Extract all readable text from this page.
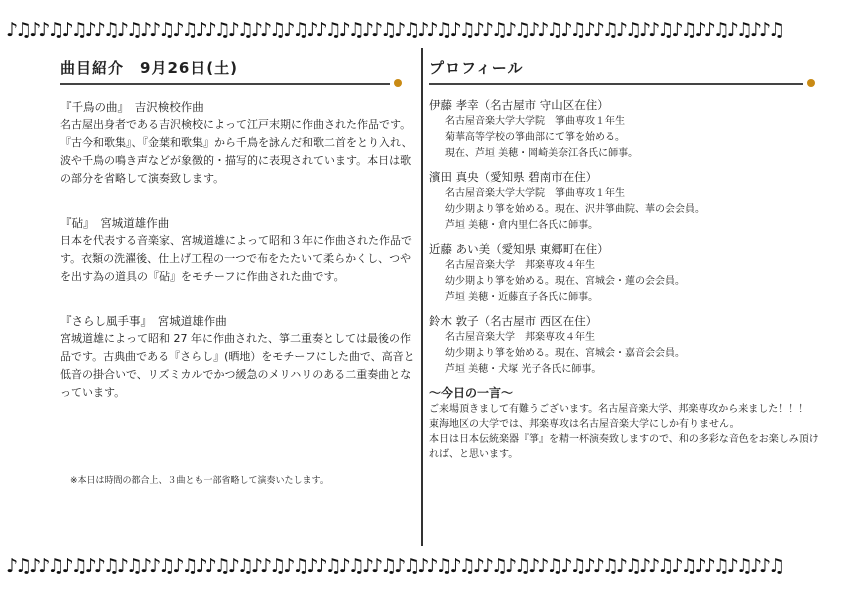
♪♫♪♪♫♪♫♪♪♫♪♫♪♪♫♪♫♪♪♫♪♫♪♪♫♪♫♪♪♫♪♫♪♪♫♪♫♪♪♫♪♫♪♪♫♪♫♪♪♫♪♫♪♪♫♪♫♪♪♫♪♫♪♪♫♪♫♪♪♫
♪♫♪♪♫♪♫♪♪♫♪♫♪♪♫♪♫♪♪♫♪♫♪♪♫♪♫♪♪♫♪♫♪♪♫♪♫♪♪♫♪♫♪♪♫♪♫♪♪♫♪♫♪♪♫♪♫♪♪♫♪♫♪♪♫♪♫♪♪♫
曲目紹介　9月26日(土)
『千鳥の曲』　吉沢検校作曲

名古屋出身者である吉沢検校によって江戸末期に作曲された作品です。『古今和歌集』、『金葉和歌集』から千鳥を詠んだ和歌二首をとり入れ、波や千鳥の鳴き声などが象徴的・描写的に表現されています。本日は歌の部分を省略して演奏致します。

『砧』　宮城道雄作曲

日本を代表する音楽家、宮城道雄によって昭和３年に作曲された作品です。衣類の洗濯後、仕上げ工程の一つで布をたたいて柔らかくし、つやを出す為の道具の『砧』をモチーフに作曲された曲です。

『さらし風手事』　宮城道雄作曲

宮城道雄によって昭和 27 年に作曲された、箏二重奏としては最後の作品です。古典曲である『さらし』(晒地）をモチーフにした曲で、高音と低音の掛合いで、リズミカルでかつ緩急のメリハリのある二重奏曲となっています。

※本日は時間の都合上、３曲とも一部省略して演奏いたします。
プロフィール
伊藤 孝幸（名古屋市 守山区在住）
名古屋音楽大学大学院　箏曲専攻１年生
菊華高等学校の箏曲部にて箏を始める。
現在、芦垣 美穂・岡崎美奈江各氏に師事。
濱田 真央（愛知県 碧南市在住）
名古屋音楽大学大学院　箏曲専攻１年生
幼少期より箏を始める。現在、沢井箏曲院、華の会会員。
芦垣 美穂・倉内里仁各氏に師事。
近藤 あい美（愛知県 東郷町在住）
名古屋音楽大学　邦楽専攻４年生
幼少期より箏を始める。現在、宮城会・蓮の会会員。
芦垣 美穂・近藤直子各氏に師事。
鈴木 敦子（名古屋市 西区在住）
名古屋音楽大学　邦楽専攻４年生
幼少期より箏を始める。現在、宮城会・嘉音会会員。
芦垣 美穂・犬塚 光子各氏に師事。
～今日の一言～
ご来場頂きまして有難うございます。名古屋音楽大学、邦楽専攻から来ました！！！
東海地区の大学では、邦楽専攻は名古屋音楽大学にしか有りません。
本日は日本伝統楽器『箏』を精一杯演奏致しますので、和の多彩な音色をお楽しみ頂ければ、と思います。
